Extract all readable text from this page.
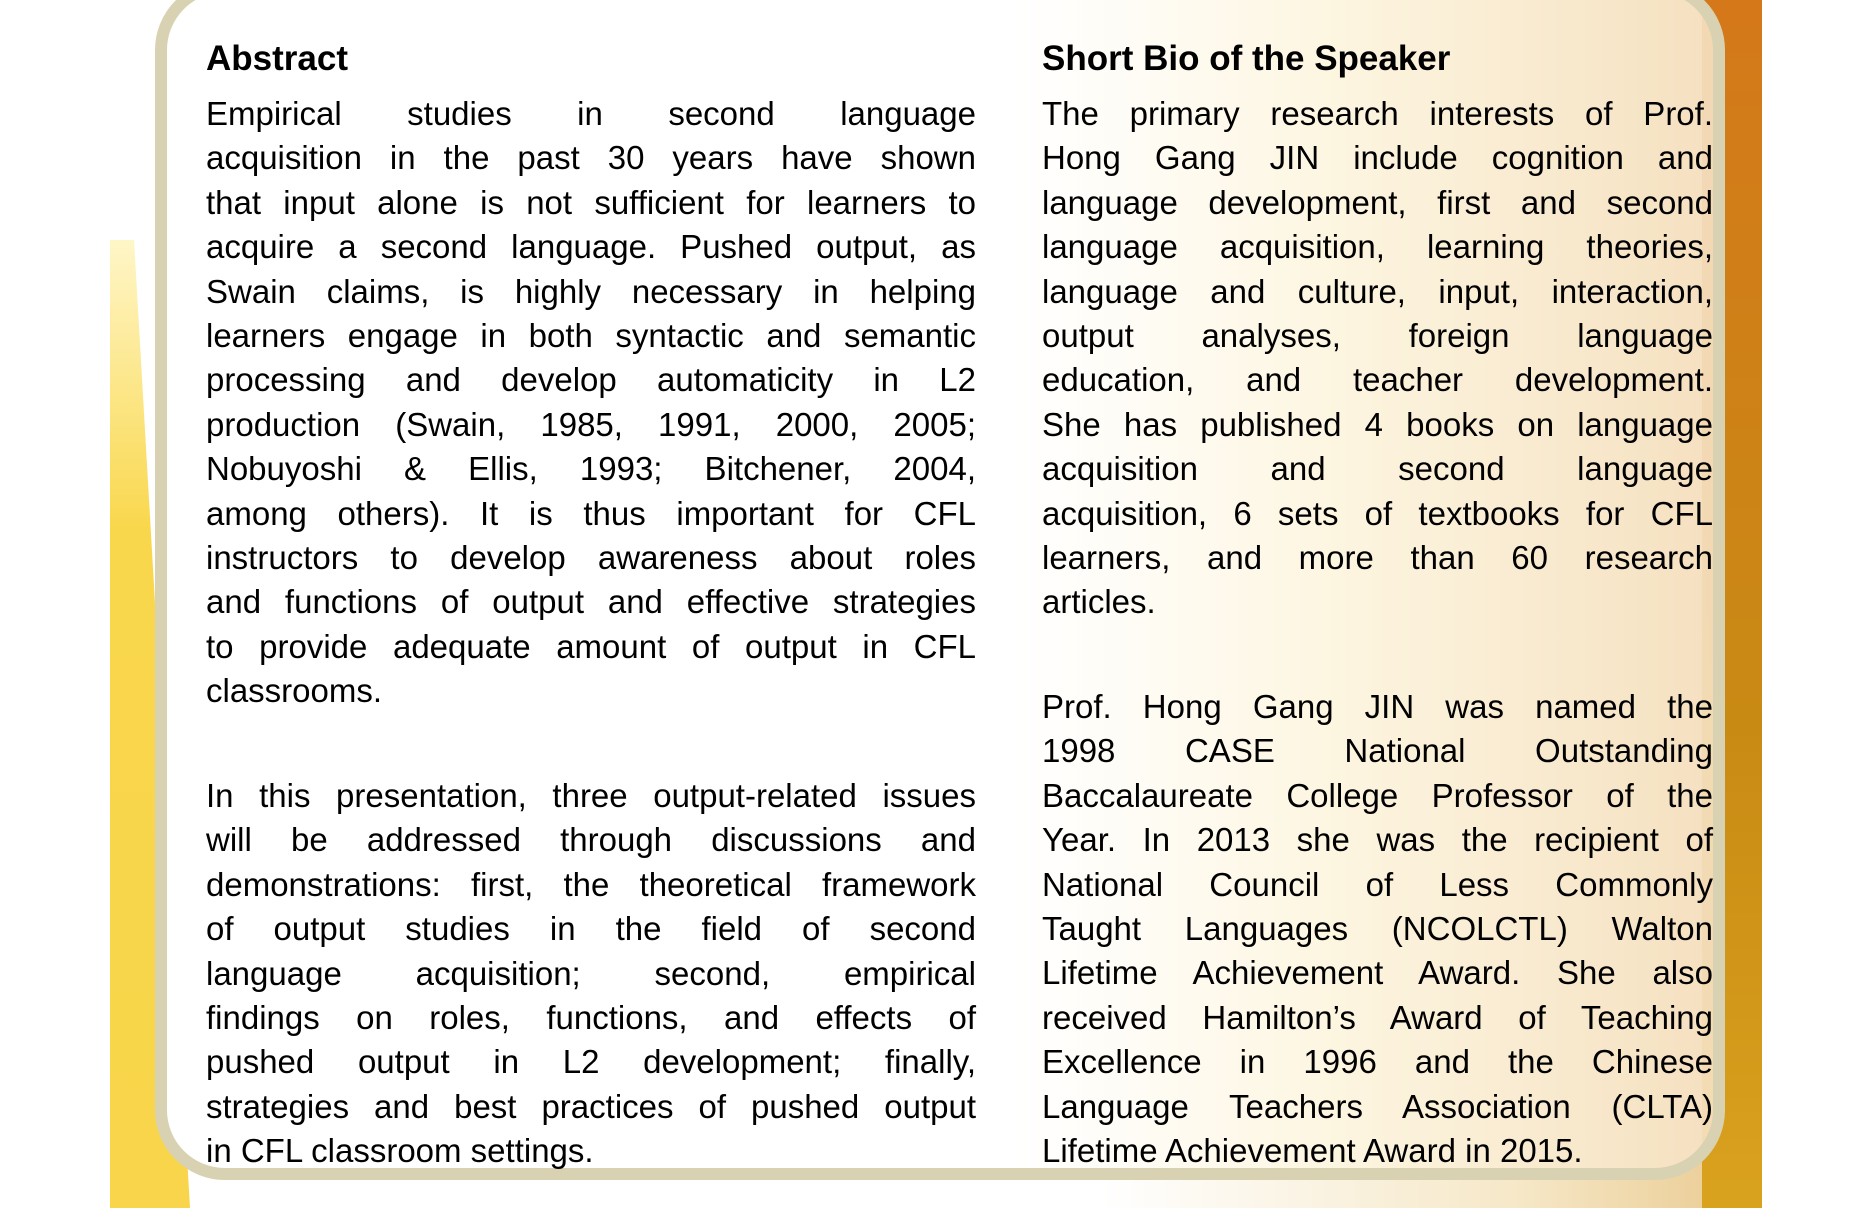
Abstract	Short Bio of the Speaker
Empirical studies in second language
acquisition in the past 30 years have shown
that input alone is not sufficient for learners to
acquire a second language. Pushed output, as
Swain claims, is highly necessary in helping
learners engage in both syntactic and semantic
processing and develop automaticity in L2
production (Swain, 1985, 1991, 2000, 2005;
Nobuyoshi & Ellis, 1993; Bitchener, 2004,
among others). It is thus important for CFL
instructors to develop awareness about roles
and functions of output and effective strategies
to provide adequate amount of output in CFL
classrooms.
In this presentation, three output-related issues
will be addressed through discussions and
demonstrations: first, the theoretical framework
of output studies in the field of second
language acquisition; second, empirical
findings on roles, functions, and effects of
pushed output in L2 development; finally,
strategies and best practices of pushed output
in CFL classroom settings.
The primary research interests of Prof.
Hong Gang JIN include cognition and
language development, first and second
language acquisition, learning theories,
language and culture, input, interaction,
output analyses, foreign language
education, and teacher development.
She has published 4 books on language
acquisition and second language
acquisition, 6 sets of textbooks for CFL
learners, and more than 60 research
articles.
Prof. Hong Gang JIN was named the
1998 CASE National Outstanding
Baccalaureate College Professor of the
Year. In 2013 she was the recipient of
National Council of Less Commonly
Taught Languages (NCOLCTL) Walton
Lifetime Achievement Award. She also
received Hamilton’s Award of Teaching
Excellence in 1996 and the Chinese
Language Teachers Association (CLTA)
Lifetime Achievement Award in 2015.
